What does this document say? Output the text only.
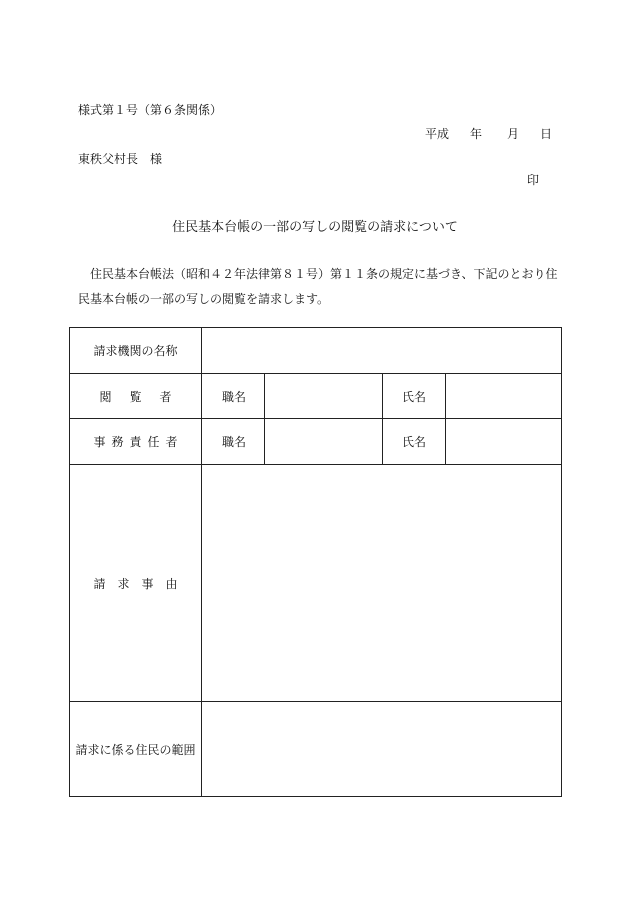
様式第１号（第６条関係）
平成 年 月 日
東秩父村長　様
印
住民基本台帳の一部の写しの閲覧の請求について
住民基本台帳法（昭和４２年法律第８１号）第１１条の規定に基づき、下記のとおり住民基本台帳の一部の写しの閲覧を請求します。
請求機関の名称				
閲覧者	職名		氏名	
事務責任者	職名		氏名	
請求事由				
請求に係る住民の範囲				
